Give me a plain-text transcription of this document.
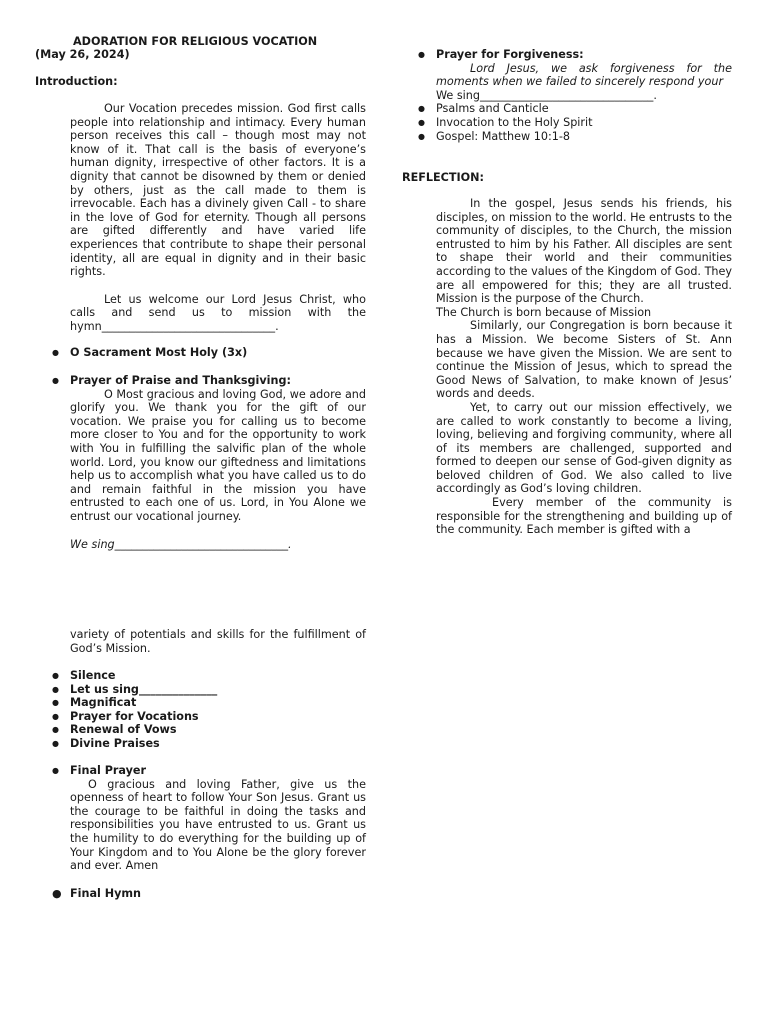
ADORATION FOR RELIGIOUS VOCATION
(May 26, 2024)
Introduction:

Our Vocation precedes mission. God first calls people into relationship and intimacy. Every human person receives this call – though most may not know of it. That call is the basis of everyone’s human dignity, irrespective of other factors. It is a dignity that cannot be disowned by them or denied by others, just as the call made to them is irrevocable. Each has a divinely given Call - to share in the love of God for eternity. Though all persons are gifted differently and have varied life experiences that contribute to shape their personal identity, all are equal in dignity and in their basic rights.

Let us welcome our Lord Jesus Christ, who calls and send us to mission with the hymn_______________________________.

● O Sacrament Most Holy (3x)
● Prayer of Praise and Thanksgiving:

O Most gracious and loving God, we adore and glorify you. We thank you for the gift of our vocation. We praise you for calling us to become more closer to You and for the opportunity to work with You in fulfilling the salvific plan of the whole world. Lord, you know our giftedness and limitations help us to accomplish what you have called us to do and remain faithful in the mission you have entrusted to each one of us. Lord, in You Alone we entrust our vocational journey.

We sing_______________________________.

variety of potentials and skills for the fulfillment of God’s Mission.

● Silence
● Let us sing______________
● Magnificat
● Prayer for Vocations
● Renewal of Vows
● Divine Praises
● Final Prayer

O gracious and loving Father, give us the openness of heart to follow Your Son Jesus. Grant us the courage to be faithful in doing the tasks and responsibilities you have entrusted to us. Grant us the humility to do everything for the building up of Your Kingdom and to You Alone be the glory forever and ever. Amen

● Final Hymn
● Prayer for Forgiveness:

Lord Jesus, we ask forgiveness for the moments when we failed to sincerely respond your

We sing_______________________________.

● Psalms and Canticle
● Invocation to the Holy Spirit
● Gospel: Matthew 10:1-8
REFLECTION:

In the gospel, Jesus sends his friends, his disciples, on mission to the world. He entrusts to the community of disciples, to the Church, the mission entrusted to him by his Father. All disciples are sent to shape their world and their communities according to the values of the Kingdom of God. They are all empowered for this; they are all trusted. Mission is the purpose of the Church.

The Church is born because of Mission

Similarly, our Congregation is born because it has a Mission. We become Sisters of St. Ann because we have given the Mission. We are sent to continue the Mission of Jesus, which to spread the Good News of Salvation, to make known of Jesus’ words and deeds.

Yet, to carry out our mission effectively, we are called to work constantly to become a living, loving, believing and forgiving community, where all of its members are challenged, supported and formed to deepen our sense of God-given dignity as beloved children of God. We also called to live accordingly as God’s loving children.

Every member of the community is responsible for the strengthening and building up of the community. Each member is gifted with a
